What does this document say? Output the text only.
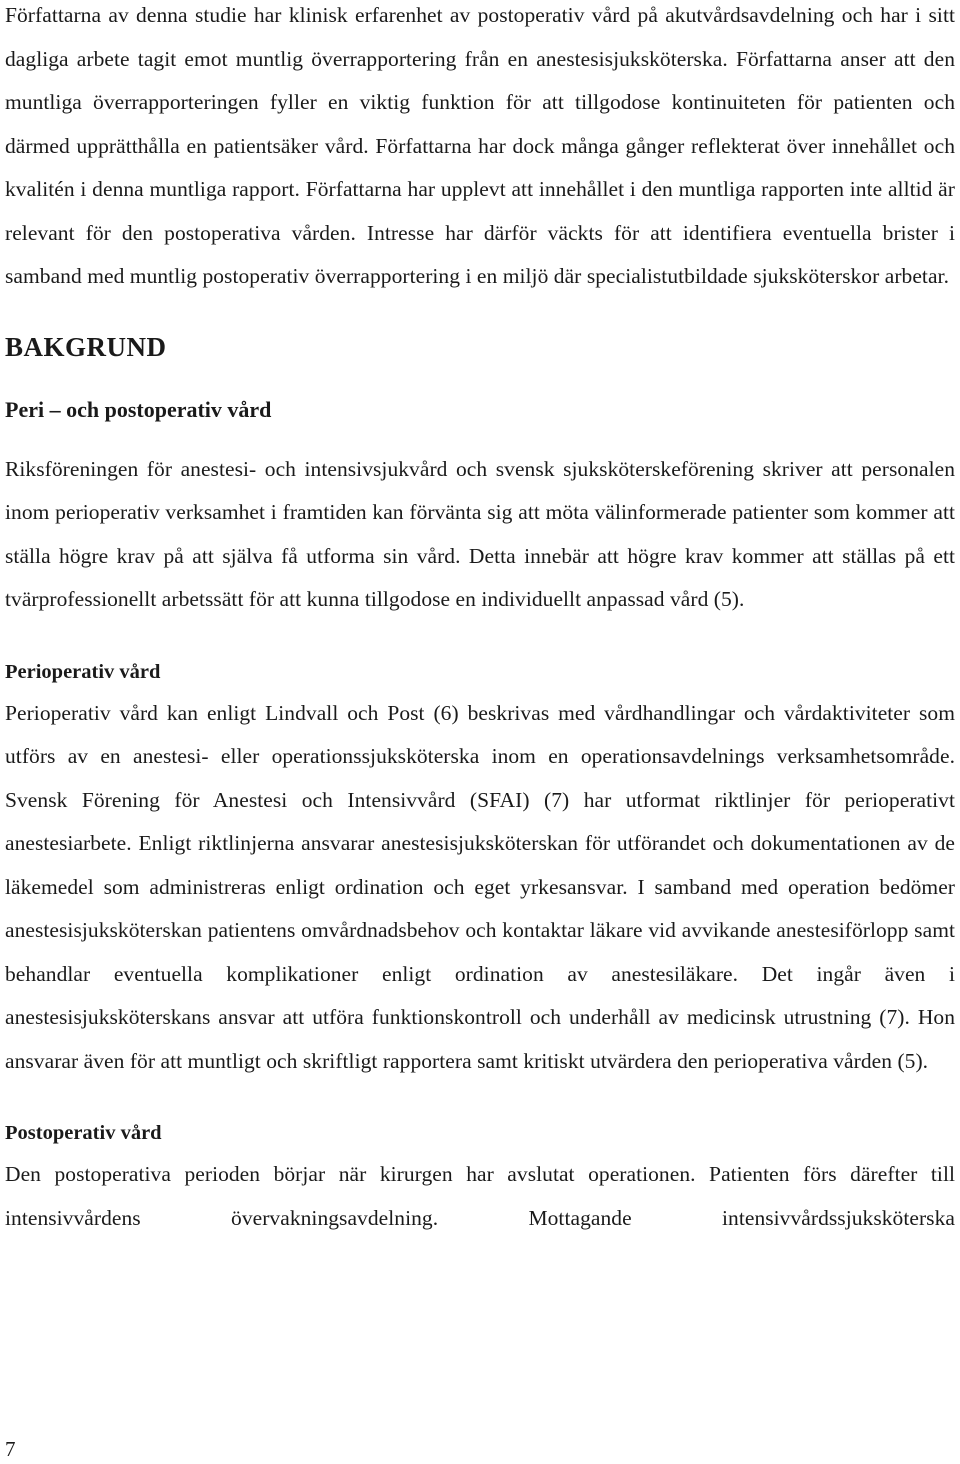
Författarna av denna studie har klinisk erfarenhet av postoperativ vård på akutvårdsavdelning och har i sitt dagliga arbete tagit emot muntlig överrapportering från en anestesisjuksköterska. Författarna anser att den muntliga överrapporteringen fyller en viktig funktion för att tillgodose kontinuiteten för patienten och därmed upprätthålla en patientsäker vård. Författarna har dock många gånger reflekterat över innehållet och kvalitén i denna muntliga rapport. Författarna har upplevt att innehållet i den muntliga rapporten inte alltid är relevant för den postoperativa vården. Intresse har därför väckts för att identifiera eventuella brister i samband med muntlig postoperativ överrapportering i en miljö där specialistutbildade sjuksköterskor arbetar.

BAKGRUND
Peri – och postoperativ vård

Riksföreningen för anestesi- och intensivsjukvård och svensk sjuksköterskeförening skriver att personalen inom perioperativ verksamhet i framtiden kan förvänta sig att möta välinformerade patienter som kommer att ställa högre krav på att själva få utforma sin vård. Detta innebär att högre krav kommer att ställas på ett tvärprofessionellt arbetssätt för att kunna tillgodose en individuellt anpassad vård (5).

Perioperativ vård

Perioperativ vård kan enligt Lindvall och Post (6) beskrivas med vårdhandlingar och vårdaktiviteter som utförs av en anestesi- eller operationssjuksköterska inom en operationsavdelnings verksamhetsområde. Svensk Förening för Anestesi och Intensivvård (SFAI) (7) har utformat riktlinjer för perioperativt anestesiarbete. Enligt riktlinjerna ansvarar anestesisjuksköterskan för utförandet och dokumentationen av de läkemedel som administreras enligt ordination och eget yrkesansvar. I samband med operation bedömer anestesisjuksköterskan patientens omvårdnadsbehov och kontaktar läkare vid avvikande anestesiförlopp samt behandlar eventuella komplikationer enligt ordination av anestesiläkare. Det ingår även i anestesisjuksköterskans ansvar att utföra funktionskontroll och underhåll av medicinsk utrustning (7). Hon ansvarar även för att muntligt och skriftligt rapportera samt kritiskt utvärdera den perioperativa vården (5).

Postoperativ vård

Den postoperativa perioden börjar när kirurgen har avslutat operationen. Patienten förs därefter till intensivvårdens övervakningsavdelning. Mottagande intensivvårdssjuksköterska

7
